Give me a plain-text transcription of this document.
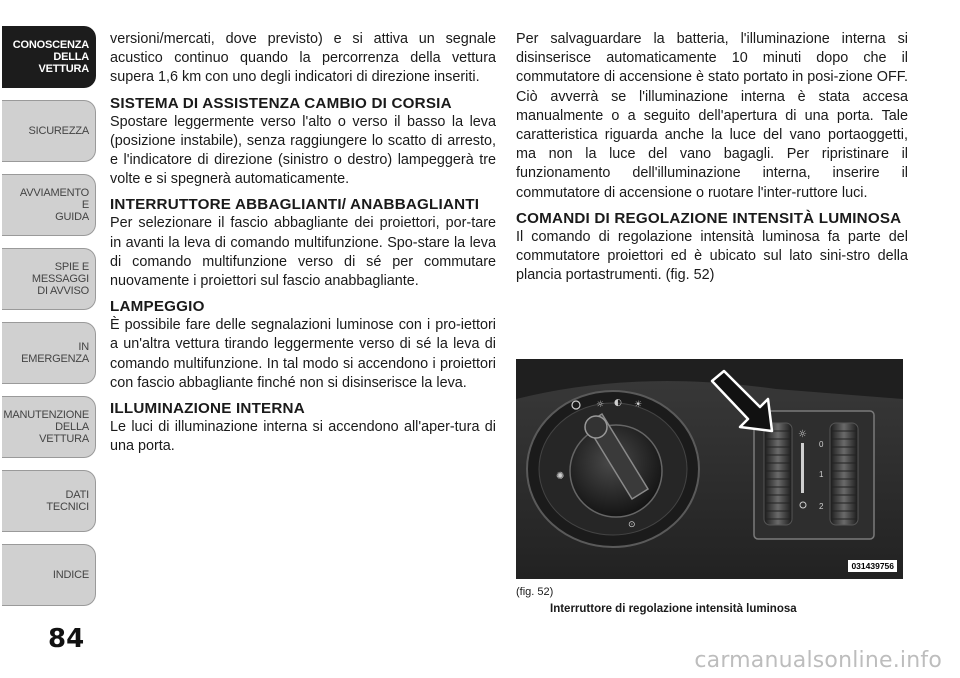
CONOSCENZA
DELLA
VETTURA
SICUREZZA
AVVIAMENTO
E
GUIDA
SPIE E
MESSAGGI
DI AVVISO
IN
EMERGENZA
MANUTENZIONE
DELLA
VETTURA
DATI
TECNICI
INDICE
84

versioni/mercati, dove previsto) e si attiva un segnale acustico continuo quando la percorrenza della vettura supera 1,6 km con uno degli indicatori di direzione inseriti.

SISTEMA DI ASSISTENZA CAMBIO DI CORSIA

Spostare leggermente verso l'alto o verso il basso la leva (posizione instabile), senza raggiungere lo scatto di arresto, e l'indicatore di direzione (sinistro o destro) lampeggerà tre volte e si spegnerà automaticamente.

INTERRUTTORE ABBAGLIANTI/ ANABBAGLIANTI

Per selezionare il fascio abbagliante dei proiettori, por-tare in avanti la leva di comando multifunzione. Spo-stare la leva di comando multifunzione verso di sé per commutare nuovamente i proiettori sul fascio anabbagliante.

LAMPEGGIO

È possibile fare delle segnalazioni luminose con i pro-iettori a un'altra vettura tirando leggermente verso di sé la leva di comando multifunzione. In tal modo si accendono i proiettori con fascio abbagliante finché non si disinserisce la leva.

ILLUMINAZIONE INTERNA

Le luci di illuminazione interna si accendono all'aper-tura di una porta.

Per salvaguardare la batteria, l'illuminazione interna si disinserisce automaticamente 10 minuti dopo che il commutatore di accensione è stato portato in posi-zione OFF. Ciò avverrà se l'illuminazione interna è stata accesa manualmente o a seguito dell'apertura di una porta. Tale caratteristica riguarda anche la luce del vano portaoggetti, ma non la luce del vano bagagli. Per ripristinare il funzionamento dell'illuminazione interna, inserire il commutatore di accensione o ruotare l'inter-ruttore luci.

COMANDI DI REGOLAZIONE INTENSITÀ LUMINOSA

Il comando di regolazione intensità luminosa fa parte del commutatore proiettori ed è ubicato sul lato sini-stro della plancia portastrumenti. (fig. 52)

☼ ◐ ☀
✺
⊙
☼
0
1
2
031439756
(fig. 52)
Interruttore di regolazione intensità luminosa
carmanualsonline.info
